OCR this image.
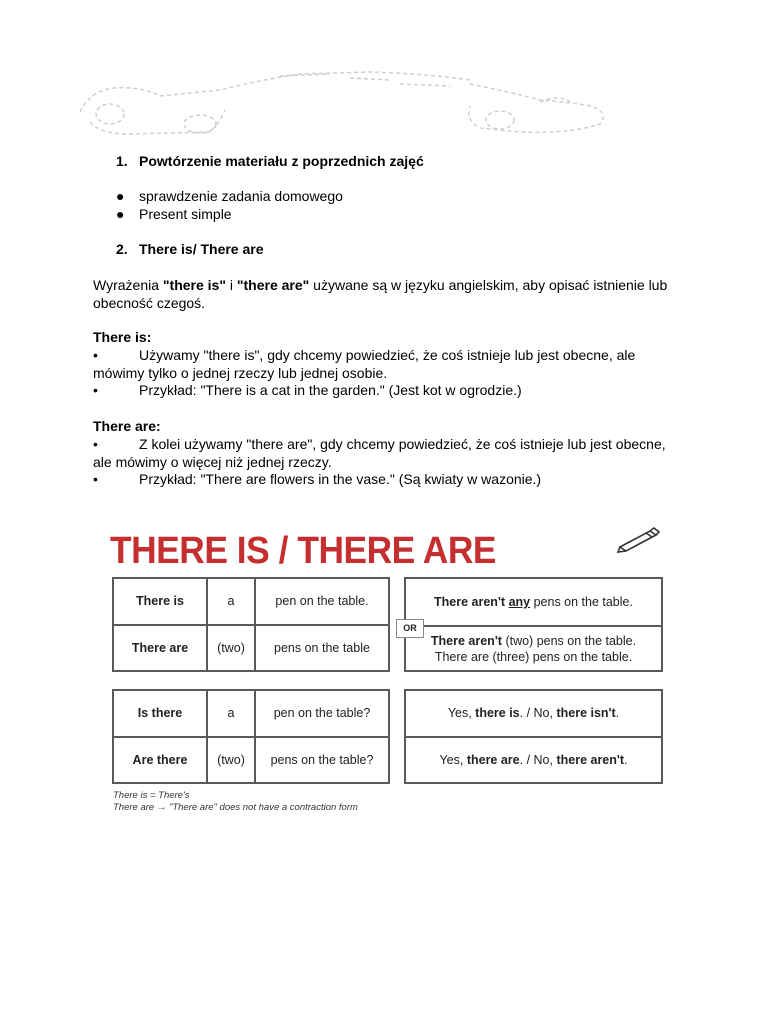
1. Powtórzenie materiału z poprzednich zajęć
● sprawdzenie zadania domowego
● Present simple
2. There is/ There are
Wyrażenia "there is" i "there are" używane są w języku angielskim, aby opisać istnienie lub
obecność czegoś.
There is:
•	Używamy "there is", gdy chcemy powiedzieć, że coś istnieje lub jest obecne, ale
mówimy tylko o jednej rzeczy lub jednej osobie.
•	Przykład: "There is a cat in the garden." (Jest kot w ogrodzie.)
There are:
•	Z kolei używamy "there are", gdy chcemy powiedzieć, że coś istnieje lub jest obecne,
ale mówimy o więcej niż jednej rzeczy.
•	Przykład: "There are flowers in the vase." (Są kwiaty w wazonie.)
THERE IS / THERE ARE
There is	a	pen on the table.
There are	(two)	pens on the table
There aren't any pens on the table.
There aren't (two) pens on the table.
There are (three) pens on the table.
OR
Is there	a	pen on the table?
Are there	(two)	pens on the table?
Yes, there is. / No, there isn't.
Yes, there are. / No, there aren't.
There is = There's
There are → "There are" does not have a contraction form
